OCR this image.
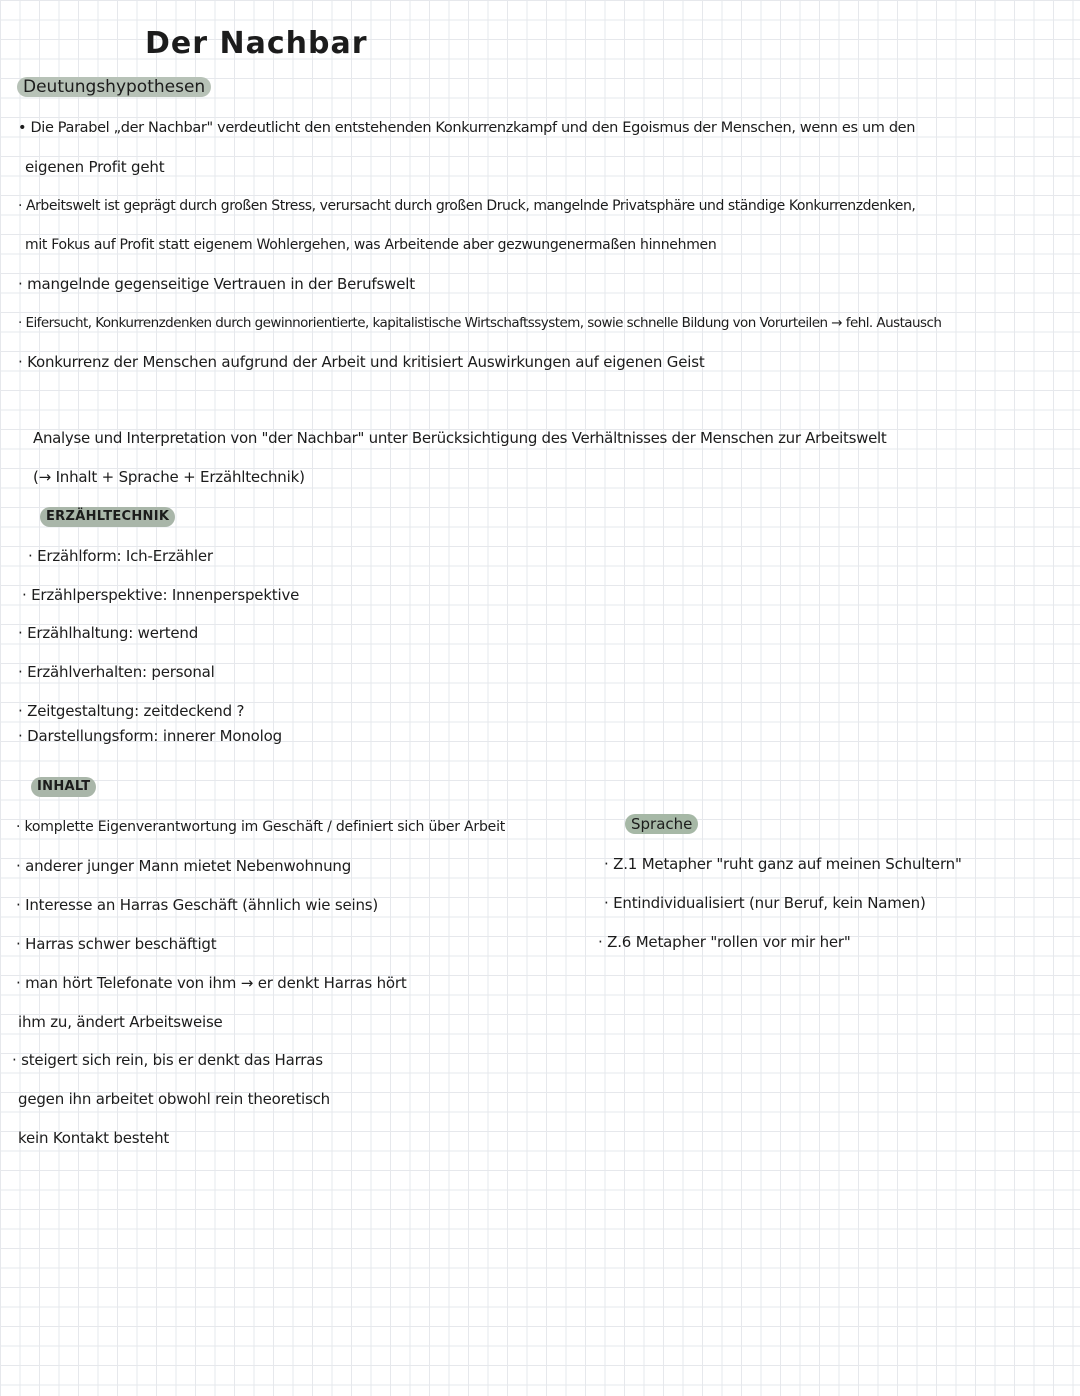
Der Nachbar
Deutungshypothesen
• Die Parabel „der Nachbar" verdeutlicht den entstehenden Konkurrenzkampf und den Egoismus der Menschen, wenn es um den
eigenen Profit geht
· Arbeitswelt ist geprägt durch großen Stress, verursacht durch großen Druck, mangelnde Privatsphäre und ständige Konkurrenzdenken,
mit Fokus auf Profit statt eigenem Wohlergehen, was Arbeitende aber gezwungenermaßen hinnehmen
· mangelnde gegenseitige Vertrauen in der Berufswelt
· Eifersucht, Konkurrenzdenken durch gewinnorientierte, kapitalistische Wirtschaftssystem, sowie schnelle Bildung von Vorurteilen → fehl. Austausch
· Konkurrenz der Menschen aufgrund der Arbeit und kritisiert Auswirkungen auf eigenen Geist
Analyse und Interpretation von "der Nachbar" unter Berücksichtigung des Verhältnisses der Menschen zur Arbeitswelt
(→ Inhalt + Sprache + Erzähltechnik)
ERZÄHLTECHNIK
· Erzählform: Ich-Erzähler
· Erzählperspektive: Innenperspektive
· Erzählhaltung: wertend
· Erzählverhalten: personal
· Zeitgestaltung: zeitdeckend ?
· Darstellungsform: innerer Monolog
INHALT
· komplette Eigenverantwortung im Geschäft / definiert sich über Arbeit
· anderer junger Mann mietet Nebenwohnung
· Interesse an Harras Geschäft (ähnlich wie seins)
· Harras schwer beschäftigt
· man hört Telefonate von ihm → er denkt Harras hört
ihm zu, ändert Arbeitsweise
· steigert sich rein, bis er denkt das Harras
gegen ihn arbeitet obwohl rein theoretisch
kein Kontakt besteht
Sprache
· Z.1 Metapher "ruht ganz auf meinen Schultern"
· Entindividualisiert (nur Beruf, kein Namen)
· Z.6 Metapher "rollen vor mir her"
